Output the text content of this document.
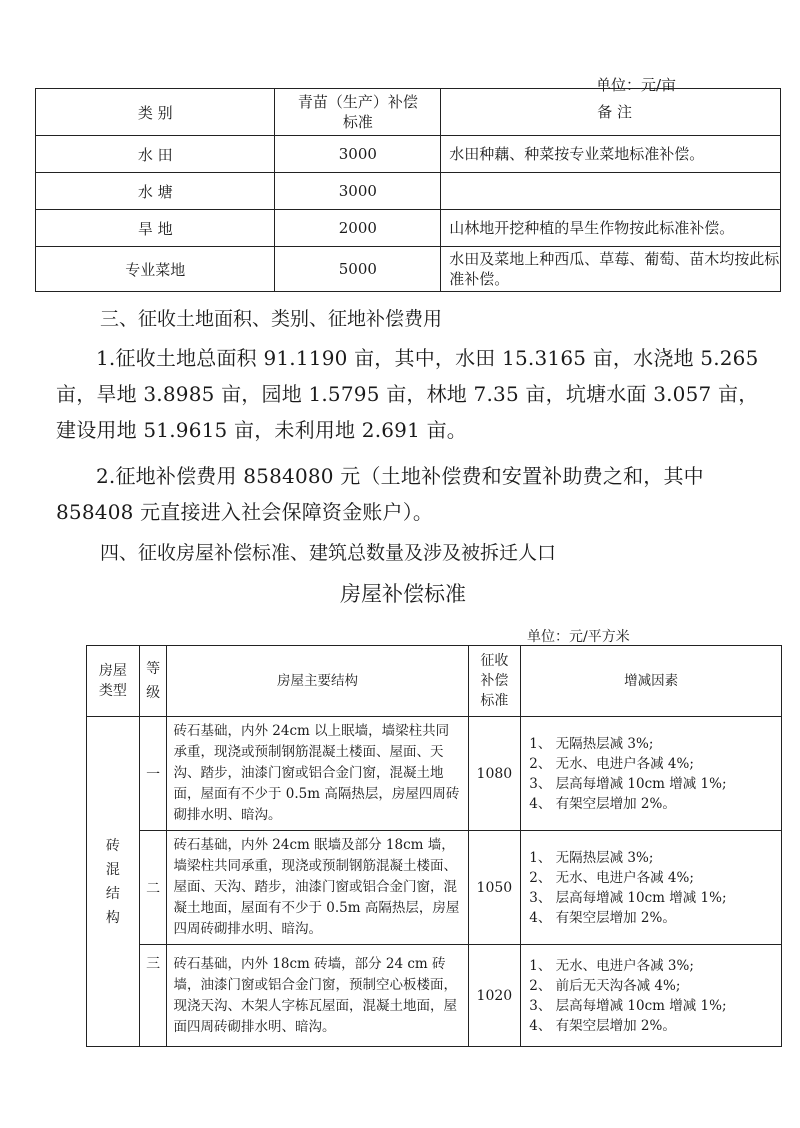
单位：元/亩
类 别	青苗（生产）补偿标准	备 注
水 田	3000	水田种藕、种菜按专业菜地标准补偿。
水 塘	3000	
旱 地	2000	山林地开挖种植的旱生作物按此标准补偿。
专业菜地	5000	水田及菜地上种西瓜、草莓、葡萄、苗木均按此标准补偿。
三、征收土地面积、类别、征地补偿费用
1.征收土地总面积 91.1190 亩，其中，水田 15.3165 亩，水浇地 5.265 亩，旱地 3.8985 亩，园地 1.5795 亩，林地 7.35 亩，坑塘水面 3.057 亩，建设用地 51.9615 亩，未利用地 2.691 亩。
2.征地补偿费用 8584080 元（土地补偿费和安置补助费之和，其中 858408 元直接进入社会保障资金账户）。
四、征收房屋补偿标准、建筑总数量及涉及被拆迁人口
房屋补偿标准
单位：元/平方米
房屋类型	等级	房屋主要结构	征收补偿标准	增减因素
砖混结构	一	砖石基础，内外 24cm 以上眠墙，墙梁柱共同承重，现浇或预制钢筋混凝土楼面、屋面、天沟、踏步，油漆门窗或铝合金门窗，混凝土地面，屋面有不少于 0.5m 高隔热层，房屋四周砖砌排水明、暗沟。	1080	1、 无隔热层减 3%;
2、 无水、电进户各减 4%;
3、 层高每增减 10cm 增减 1%;
4、 有架空层增加 2%。

	二	砖石基础，内外 24cm 眠墙及部分 18cm 墙，墙梁柱共同承重，现浇或预制钢筋混凝土楼面、屋面、天沟、踏步，油漆门窗或铝合金门窗，混凝土地面，屋面有不少于 0.5m 高隔热层，房屋四周砖砌排水明、暗沟。	1050	1、 无隔热层减 3%;
2、 无水、电进户各减 4%;
3、 层高每增减 10cm 增减 1%;
4、 有架空层增加 2%。

	三	砖石基础，内外 18cm 砖墙，部分 24 cm 砖墙，油漆门窗或铝合金门窗，预制空心板楼面，现浇天沟、木架人字栋瓦屋面，混凝土地面，屋面四周砖砌排水明、暗沟。	1020	1、 无水、电进户各减 3%;
2、 前后无天沟各减 4%;
3、 层高每增减 10cm 增减 1%;
4、 有架空层增加 2%。
